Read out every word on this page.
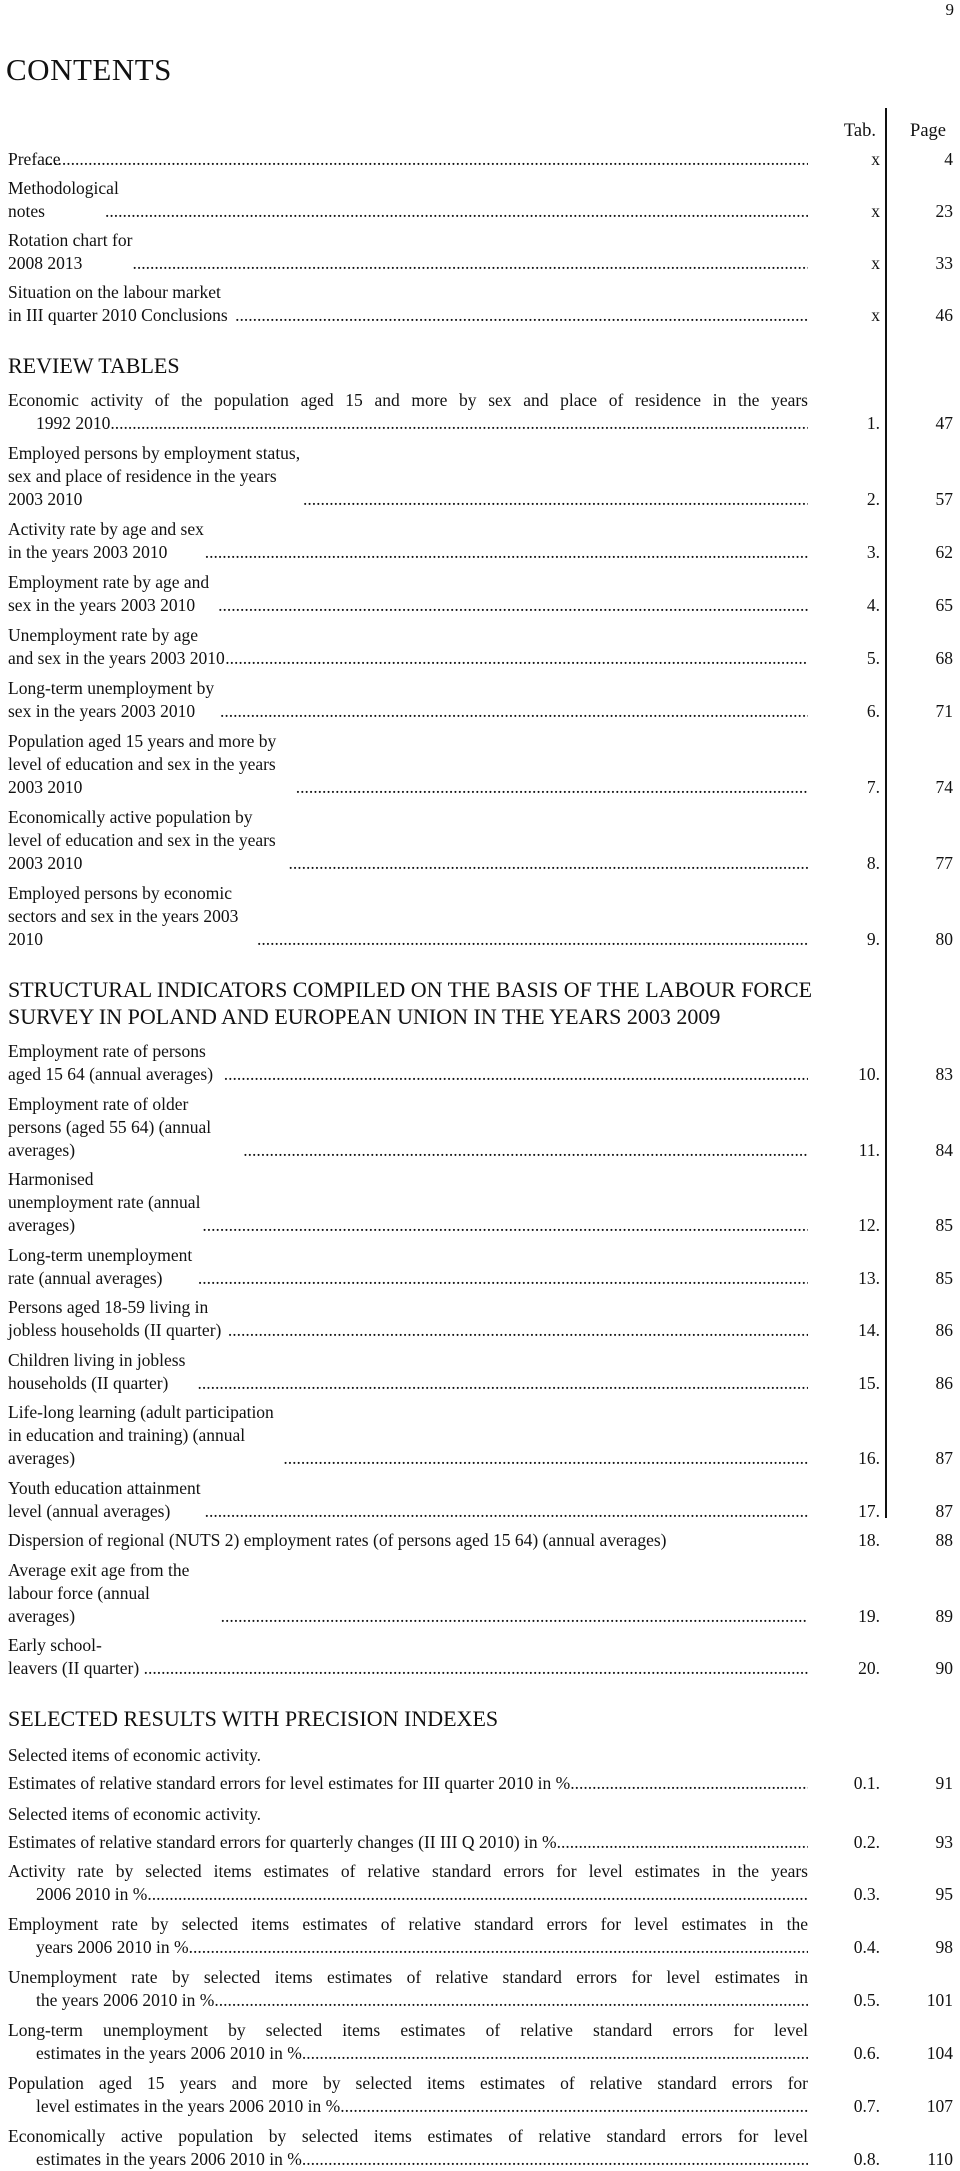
9
CONTENTS
Tab. Page
Preface .....	x	4
Methodological notes .....	x	23
Rotation chart for 2008 2013 .....	x	33
Situation on the labour market in III quarter 2010 Conclusions .....	x	46
REVIEW TABLES
Economic activity of the population aged 15 and more by sex and place of residence in the years
1992 2010 .....	1.	47
Employed persons by employment status, sex and place of residence in the years 2003 2010 .....	2.	57
Activity rate by age and sex in the years 2003 2010 .....	3.	62
Employment rate by age and sex in the years 2003 2010 .....	4.	65
Unemployment rate by age and sex in the years 2003 2010 .....	5.	68
Long-term unemployment by sex in the years 2003 2010 .....	6.	71
Population aged 15 years and more by level of education and sex in the years 2003 2010 .....	7.	74
Economically active population by level of education and sex in the years 2003 2010 .....	8.	77
Employed persons by economic sectors and sex in the years 2003 2010 .....	9.	80
STRUCTURAL INDICATORS COMPILED ON THE BASIS OF THE LABOUR FORCE
SURVEY IN POLAND AND EUROPEAN UNION IN THE YEARS 2003 2009
Employment rate of persons aged 15 64 (annual averages) .....	10.	83
Employment rate of older persons (aged 55 64) (annual averages) .....	11.	84
Harmonised unemployment rate (annual averages) .....	12.	85
Long-term unemployment rate (annual averages) .....	13.	85
Persons aged 18-59 living in jobless households (II quarter) .....	14.	86
Children living in jobless households (II quarter) .....	15.	86
Life-long learning (adult participation in education and training) (annual averages) .....	16.	87
Youth education attainment level (annual averages) .....	17.	87
Dispersion of regional (NUTS 2) employment rates (of persons aged 15 64) (annual averages)	18.	88
Average exit age from the labour force (annual averages) .....	19.	89
Early school-leavers (II quarter) .....	20.	90
SELECTED RESULTS WITH PRECISION INDEXES
Selected items of economic activity.
Estimates of relative standard errors for level estimates for III quarter 2010 in % .....	0.1.	91
Selected items of economic activity.
Estimates of relative standard errors for quarterly changes (II III Q 2010) in % .....	0.2.	93
Activity rate by selected items estimates of relative standard errors for level estimates in the years
2006 2010 in % .....	0.3.	95
Employment rate by selected items estimates of relative standard errors for level estimates in the
years 2006 2010 in % .....	0.4.	98
Unemployment rate by selected items estimates of relative standard errors for level estimates in
the years 2006 2010 in % .....	0.5.	101
Long-term unemployment by selected items estimates of relative standard errors for level
estimates in the years 2006 2010 in % .....	0.6.	104
Population aged 15 years and more by selected items estimates of relative standard errors for
level estimates in the years 2006 2010 in % .....	0.7.	107
Economically active population by selected items estimates of relative standard errors for level
estimates in the years 2006 2010 in % .....	0.8.	110
